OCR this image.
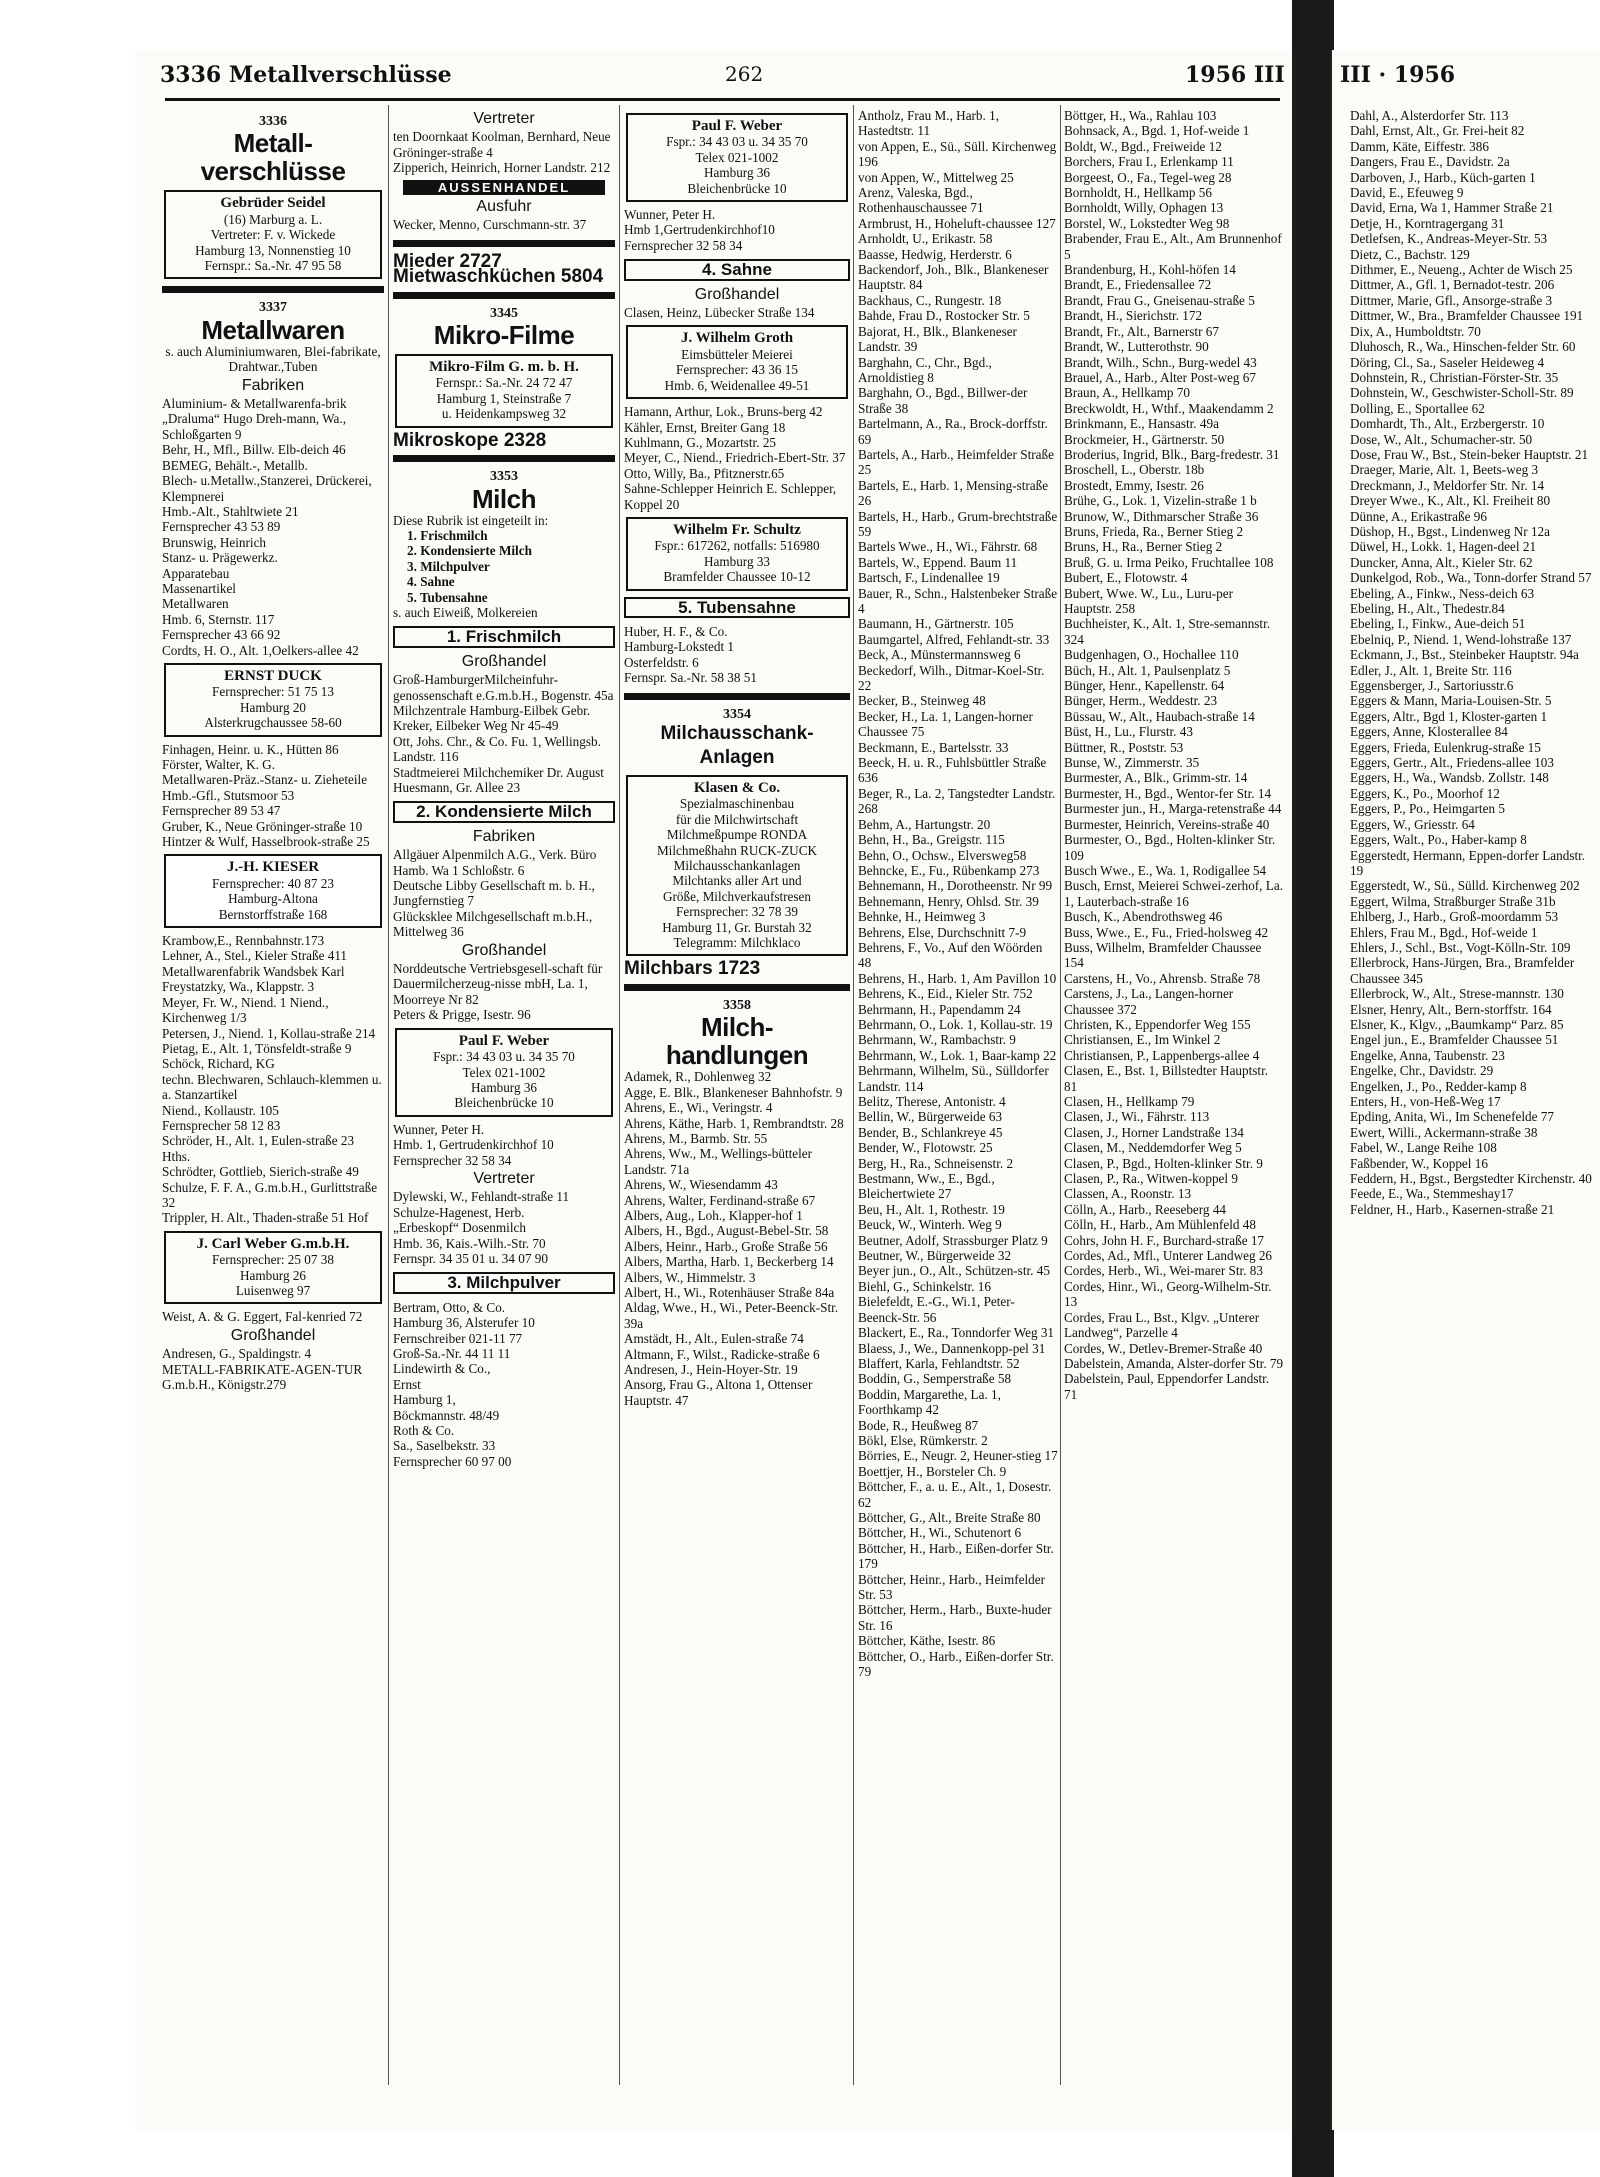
3336 Metallverschlüsse	262	1956 III	III · 1956
3336
Metall-
verschlüsse
Gebrüder Seidel
(16) Marburg a. L.
Vertreter: F. v. Wickede
Hamburg 13, Nonnenstieg 10
Fernspr.: Sa.-Nr. 47 95 58
3337
Metallwaren
s. auch Aluminiumwaren, Blei-fabrikate, Drahtwar.,Tuben
Fabriken
Aluminium- & Metallwarenfa-brik „Draluma“ Hugo Dreh-mann, Wa., Schloßgarten 9
Behr, H., Mfl., Billw. Elb-deich 46
BEMEG, Behält.-, Metallb.
Blech- u.Metallw.,Stanzerei, Drückerei, Klempnerei
Hmb.-Alt., Stahltwiete 21
Fernsprecher 43 53 89
Brunswig, Heinrich
Stanz- u. Prägewerkz.
Apparatebau
Massenartikel
Metallwaren
Hmb. 6, Sternstr. 117
Fernsprecher 43 66 92
Cordts, H. O., Alt. 1,Oelkers-allee 42
ERNST DUCK
Fernsprecher: 51 75 13
Hamburg 20
Alsterkrugchaussee 58-60
Finhagen, Heinr. u. K., Hütten 86
Förster, Walter, K. G.
Metallwaren-Präz.-Stanz- u. Zieheteile
Hmb.-Gfl., Stutsmoor 53
Fernsprecher 89 53 47
Gruber, K., Neue Gröninger-straße 10
Hintzer & Wulf, Hasselbrook-straße 25
J.-H. KIESER
Fernsprecher: 40 87 23
Hamburg-Altona
Bernstorffstraße 168
Krambow,E., Rennbahnstr.173
Lehner, A., Stel., Kieler Straße 411
Metallwarenfabrik Wandsbek Karl Freystatzky, Wa., Klappstr. 3
Meyer, Fr. W., Niend. 1 Niend., Kirchenweg 1/3
Petersen, J., Niend. 1, Kollau-straße 214
Pietag, E., Alt. 1, Tönsfeldt-straße 9
Schöck, Richard, KG
techn. Blechwaren, Schlauch-klemmen u. a. Stanzartikel
Niend., Kollaustr. 105
Fernsprecher 58 12 83
Schröder, H., Alt. 1, Eulen-straße 23 Hths.
Schrödter, Gottlieb, Sierich-straße 49
Schulze, F. F. A., G.m.b.H., Gurlittstraße 32
Trippler, H. Alt., Thaden-straße 51 Hof
J. Carl Weber G.m.b.H.
Fernsprecher: 25 07 38
Hamburg 26
Luisenweg 97
Weist, A. & G. Eggert, Fal-kenried 72
Großhandel
Andresen, G., Spaldingstr. 4
METALL-FABRIKATE-AGEN-TUR G.m.b.H., Königstr.279
Vertreter
ten Doornkaat Koolman, Bernhard, Neue Gröninger-straße 4
Zipperich, Heinrich, Horner Landstr. 212
AUSSENHANDEL
Ausfuhr
Wecker, Menno, Curschmann-str. 37
Mieder 2727
Mietwaschküchen 5804
3345
Mikro-Filme
Mikro-Film G. m. b. H.
Fernspr.: Sa.-Nr. 24 72 47
Hamburg 1, Steinstraße 7
u. Heidenkampsweg 32
Mikroskope 2328
3353
Milch
Diese Rubrik ist eingeteilt in:
1. Frischmilch
2. Kondensierte Milch
3. Milchpulver
4. Sahne
5. Tubensahne
s. auch Eiweiß, Molkereien
1. Frischmilch
Großhandel
Groß-HamburgerMilcheinfuhr-genossenschaft e.G.m.b.H., Bogenstr. 45a
Milchzentrale Hamburg-Eilbek Gebr. Kreker, Eilbeker Weg Nr 45-49
Ott, Johs. Chr., & Co. Fu. 1, Wellingsb. Landstr. 116
Stadtmeierei Milchchemiker Dr. August Huesmann, Gr. Allee 23
2. Kondensierte Milch
Fabriken
Allgäuer Alpenmilch A.G., Verk. Büro Hamb. Wa 1 Schloßstr. 6
Deutsche Libby Gesellschaft m. b. H., Jungfernstieg 7
Glücksklee Milchgesellschaft m.b.H., Mittelweg 36
Großhandel
Norddeutsche Vertriebsgesell-schaft für Dauermilcherzeug-nisse mbH, La. 1, Moorreye Nr 82
Peters & Prigge, Isestr. 96
Paul F. Weber
Fspr.: 34 43 03 u. 34 35 70
Telex 021-1002
Hamburg 36
Bleichenbrücke 10
Wunner, Peter H.
Hmb. 1, Gertrudenkirchhof 10
Fernsprecher 32 58 34
Vertreter
Dylewski, W., Fehlandt-straße 11
Schulze-Hagenest, Herb.
„Erbeskopf“ Dosenmilch
Hmb. 36, Kais.-Wilh.-Str. 70
Fernspr. 34 35 01 u. 34 07 90
3. Milchpulver
Bertram, Otto, & Co.
Hamburg 36, Alsterufer 10
Fernschreiber 021-11 77
Groß-Sa.-Nr. 44 11 11
Lindewirth & Co.,
Ernst
Hamburg 1,
Böckmannstr. 48/49
Roth & Co.
Sa., Saselbekstr. 33
Fernsprecher 60 97 00
Paul F. Weber
Fspr.: 34 43 03 u. 34 35 70
Telex 021-1002
Hamburg 36
Bleichenbrücke 10
Wunner, Peter H.
Hmb 1,Gertrudenkirchhof10
Fernsprecher 32 58 34
4. Sahne
Großhandel
Clasen, Heinz, Lübecker Straße 134
J. Wilhelm Groth
Eimsbütteler Meierei
Fernsprecher: 43 36 15
Hmb. 6, Weidenallee 49-51
Hamann, Arthur, Lok., Bruns-berg 42
Kähler, Ernst, Breiter Gang 18
Kuhlmann, G., Mozartstr. 25
Meyer, C., Niend., Friedrich-Ebert-Str. 37
Otto, Willy, Ba., Pfitznerstr.65
Sahne-Schlepper Heinrich E. Schlepper, Koppel 20
Wilhelm Fr. Schultz
Fspr.: 617262, notfalls: 516980
Hamburg 33
Bramfelder Chaussee 10-12
5. Tubensahne
Huber, H. F., & Co.
Hamburg-Lokstedt 1
Osterfeldstr. 6
Fernspr. Sa.-Nr. 58 38 51
3354
Milchausschank-
Anlagen
Klasen & Co.
Spezialmaschinenbau
für die Milchwirtschaft
Milchmeßpumpe RONDA
Milchmeßhahn RUCK-ZUCK
Milchausschankanlagen
Milchtanks aller Art und
Größe, Milchverkaufstresen
Fernsprecher: 32 78 39
Hamburg 11, Gr. Burstah 32
Telegramm: Milchklaco
Milchbars 1723
3358
Milch-
handlungen
Adamek, R., Dohlenweg 32
Agge, E. Blk., Blankeneser Bahnhofstr. 9
Ahrens, E., Wi., Veringstr. 4
Ahrens, Käthe, Harb. 1, Rembrandtstr. 28
Ahrens, M., Barmb. Str. 55
Ahrens, Ww., M., Wellings-bütteler Landstr. 71a
Ahrens, W., Wiesendamm 43
Ahrens, Walter, Ferdinand-straße 67
Albers, Aug., Loh., Klapper-hof 1
Albers, H., Bgd., August-Bebel-Str. 58
Albers, Heinr., Harb., Große Straße 56
Albers, Martha, Harb. 1, Beckerberg 14
Albers, W., Himmelstr. 3
Albert, H., Wi., Rotenhäuser Straße 84a
Aldag, Wwe., H., Wi., Peter-Beenck-Str. 39a
Amstädt, H., Alt., Eulen-straße 74
Altmann, F., Wilst., Radicke-straße 6
Andresen, J., Hein-Hoyer-Str. 19
Ansorg, Frau G., Altona 1, Ottenser Hauptstr. 47
Antholz, Frau M., Harb. 1, Hastedtstr. 11
von Appen, E., Sü., Süll. Kirchenweg 196
von Appen, W., Mittelweg 25
Arenz, Valeska, Bgd., Rothenhauschaussee 71
Armbrust, H., Hoheluft-chaussee 127
Arnholdt, U., Erikastr. 58
Baasse, Hedwig, Herderstr. 6
Backendorf, Joh., Blk., Blankeneser Hauptstr. 84
Backhaus, C., Rungestr. 18
Bahde, Frau D., Rostocker Str. 5
Bajorat, H., Blk., Blankeneser Landstr. 39
Barghahn, C., Chr., Bgd., Arnoldistieg 8
Barghahn, O., Bgd., Billwer-der Straße 38
Bartelmann, A., Ra., Brock-dorffstr. 69
Bartels, A., Harb., Heimfelder Straße 25
Bartels, E., Harb. 1, Mensing-straße 26
Bartels, H., Harb., Grum-brechtstraße 59
Bartels Wwe., H., Wi., Fährstr. 68
Bartels, W., Eppend. Baum 11
Bartsch, F., Lindenallee 19
Bauer, R., Schn., Halstenbeker Straße 4
Baumann, H., Gärtnerstr. 105
Baumgartel, Alfred, Fehlandt-str. 33
Beck, A., Münstermannsweg 6
Beckedorf, Wilh., Ditmar-Koel-Str. 22
Becker, B., Steinweg 48
Becker, H., La. 1, Langen-horner Chaussee 75
Beckmann, E., Bartelsstr. 33
Beeck, H. u. R., Fuhlsbüttler Straße 636
Beger, R., La. 2, Tangstedter Landstr. 268
Behm, A., Hartungstr. 20
Behn, H., Ba., Greigstr. 115
Behn, O., Ochsw., Elversweg58
Behncke, E., Fu., Rübenkamp 273
Behnemann, H., Dorotheenstr. Nr 99
Behnemann, Henry, Ohlsd. Str. 39
Behnke, H., Heimweg 3
Behrens, Else, Durchschnitt 7-9
Behrens, F., Vo., Auf den Wöörden 48
Behrens, H., Harb. 1, Am Pavillon 10
Behrens, K., Eid., Kieler Str. 752
Behrmann, H., Papendamm 24
Behrmann, O., Lok. 1, Kollau-str. 19
Behrmann, W., Rambachstr. 9
Behrmann, W., Lok. 1, Baar-kamp 22
Behrmann, Wilhelm, Sü., Sülldorfer Landstr. 114
Belitz, Therese, Antonistr. 4
Bellin, W., Bürgerweide 63
Bender, B., Schlankreye 45
Bender, W., Flotowstr. 25
Berg, H., Ra., Schneisenstr. 2
Bestmann, Ww., E., Bgd., Bleichertwiete 27
Beu, H., Alt. 1, Rothestr. 19
Beuck, W., Winterh. Weg 9
Beutner, Adolf, Strassburger Platz 9
Beutner, W., Bürgerweide 32
Beyer jun., O., Alt., Schützen-str. 45
Biehl, G., Schinkelstr. 16
Bielefeldt, E.-G., Wi.1, Peter-Beenck-Str. 56
Blackert, E., Ra., Tonndorfer Weg 31
Blaess, J., We., Dannenkopp-pel 31
Blaffert, Karla, Fehlandtstr. 52
Boddin, G., Semperstraße 58
Boddin, Margarethe, La. 1, Foorthkamp 42
Bode, R., Heußweg 87
Bökl, Else, Rümkerstr. 2
Börries, E., Neugr. 2, Heuner-stieg 17
Boettjer, H., Borsteler Ch. 9
Böttcher, F., a. u. E., Alt., 1, Dosestr. 62
Böttcher, G., Alt., Breite Straße 80
Böttcher, H., Wi., Schutenort 6
Böttcher, H., Harb., Eißen-dorfer Str. 179
Böttcher, Heinr., Harb., Heimfelder Str. 53
Böttcher, Herm., Harb., Buxte-huder Str. 16
Böttcher, Käthe, Isestr. 86
Böttcher, O., Harb., Eißen-dorfer Str. 79
Böttger, H., Wa., Rahlau 103
Bohnsack, A., Bgd. 1, Hof-weide 1
Boldt, W., Bgd., Freiweide 12
Borchers, Frau I., Erlenkamp 11
Borgeest, O., Fa., Tegel-weg 28
Bornholdt, H., Hellkamp 56
Bornholdt, Willy, Ophagen 13
Borstel, W., Lokstedter Weg 98
Brabender, Frau E., Alt., Am Brunnenhof 5
Brandenburg, H., Kohl-höfen 14
Brandt, E., Friedensallee 72
Brandt, Frau G., Gneisenau-straße 5
Brandt, H., Sierichstr. 172
Brandt, Fr., Alt., Barnerstr 67
Brandt, W., Lutterothstr. 90
Brandt, Wilh., Schn., Burg-wedel 43
Brauel, A., Harb., Alter Post-weg 67
Braun, A., Hellkamp 70
Breckwoldt, H., Wthf., Maakendamm 2
Brinkmann, E., Hansastr. 49a
Brockmeier, H., Gärtnerstr. 50
Broderius, Ingrid, Blk., Barg-fredestr. 31
Broschell, L., Oberstr. 18b
Brostedt, Emmy, Isestr. 26
Brühe, G., Lok. 1, Vizelin-straße 1 b
Brunow, W., Dithmarscher Straße 36
Bruns, Frieda, Ra., Berner Stieg 2
Bruns, H., Ra., Berner Stieg 2
Bruß, G. u. Irma Peiko, Fruchtallee 108
Bubert, E., Flotowstr. 4
Bubert, Wwe. W., Lu., Luru-per Hauptstr. 258
Buchheister, K., Alt. 1, Stre-semannstr. 324
Budgenhagen, O., Hochallee 110
Büch, H., Alt. 1, Paulsenplatz 5
Bünger, Henr., Kapellenstr. 64
Bünger, Herm., Weddestr. 23
Büssau, W., Alt., Haubach-straße 14
Büst, H., Lu., Flurstr. 43
Büttner, R., Poststr. 53
Bunse, W., Zimmerstr. 35
Burmester, A., Blk., Grimm-str. 14
Burmester, H., Bgd., Wentor-fer Str. 14
Burmester jun., H., Marga-retenstraße 44
Burmester, Heinrich, Vereins-straße 40
Burmester, O., Bgd., Holten-klinker Str. 109
Busch Wwe., E., Wa. 1, Rodigallee 54
Busch, Ernst, Meierei Schwei-zerhof, La. 1, Lauterbach-straße 16
Busch, K., Abendrothsweg 46
Buss, Wwe., E., Fu., Fried-holsweg 42
Buss, Wilhelm, Bramfelder Chaussee 154
Carstens, H., Vo., Ahrensb. Straße 78
Carstens, J., La., Langen-horner Chaussee 372
Christen, K., Eppendorfer Weg 155
Christiansen, E., Im Winkel 2
Christiansen, P., Lappenbergs-allee 4
Clasen, E., Bst. 1, Billstedter Hauptstr. 81
Clasen, H., Hellkamp 79
Clasen, J., Wi., Fährstr. 113
Clasen, J., Horner Landstraße 134
Clasen, M., Neddemdorfer Weg 5
Clasen, P., Bgd., Holten-klinker Str. 9
Clasen, P., Ra., Witwen-koppel 9
Classen, A., Roonstr. 13
Cölln, A., Harb., Reeseberg 44
Cölln, H., Harb., Am Mühlenfeld 48
Cohrs, John H. F., Burchard-straße 17
Cordes, Ad., Mfl., Unterer Landweg 26
Cordes, Herb., Wi., Wei-marer Str. 83
Cordes, Hinr., Wi., Georg-Wilhelm-Str. 13
Cordes, Frau L., Bst., Klgv. „Unterer Landweg“, Parzelle 4
Cordes, W., Detlev-Bremer-Straße 40
Dabelstein, Amanda, Alster-dorfer Str. 79
Dabelstein, Paul, Eppendorfer Landstr. 71
Dahl, A., Alsterdorfer Str. 113
Dahl, Ernst, Alt., Gr. Frei-heit 82
Damm, Käte, Eiffestr. 386
Dangers, Frau E., Davidstr. 2a
Darboven, J., Harb., Küch-garten 1
David, E., Efeuweg 9
David, Erna, Wa 1, Hammer Straße 21
Detje, H., Korntragergang 31
Detlefsen, K., Andreas-Meyer-Str. 53
Dietz, C., Bachstr. 129
Dithmer, E., Neueng., Achter de Wisch 25
Dittmer, A., Gfl. 1, Bernadot-testr. 206
Dittmer, Marie, Gfl., Ansorge-straße 3
Dittmer, W., Bra., Bramfelder Chaussee 191
Dix, A., Humboldtstr. 70
Dluhosch, R., Wa., Hinschen-felder Str. 60
Döring, Cl., Sa., Saseler Heideweg 4
Dohnstein, R., Christian-Förster-Str. 35
Dohnstein, W., Geschwister-Scholl-Str. 89
Dolling, E., Sportallee 62
Domhardt, Th., Alt., Erzbergerstr. 10
Dose, W., Alt., Schumacher-str. 50
Dose, Frau W., Bst., Stein-beker Hauptstr. 21
Draeger, Marie, Alt. 1, Beets-weg 3
Dreckmann, J., Meldorfer Str. Nr. 14
Dreyer Wwe., K., Alt., Kl. Freiheit 80
Dünne, A., Erikastraße 96
Düshop, H., Bgst., Lindenweg Nr 12a
Düwel, H., Lokk. 1, Hagen-deel 21
Duncker, Anna, Alt., Kieler Str. 62
Dunkelgod, Rob., Wa., Tonn-dorfer Strand 57
Ebeling, A., Finkw., Ness-deich 63
Ebeling, H., Alt., Thedestr.84
Ebeling, I., Finkw., Aue-deich 51
Ebelniq, P., Niend. 1, Wend-lohstraße 137
Eckmann, J., Bst., Steinbeker Hauptstr. 94a
Edler, J., Alt. 1, Breite Str. 116
Eggensberger, J., Sartoriusstr.6
Eggers & Mann, Maria-Louisen-Str. 5
Eggers, Altr., Bgd 1, Kloster-garten 1
Eggers, Anne, Klosterallee 84
Eggers, Frieda, Eulenkrug-straße 15
Eggers, Gertr., Alt., Friedens-allee 103
Eggers, H., Wa., Wandsb. Zollstr. 148
Eggers, K., Po., Moorhof 12
Eggers, P., Po., Heimgarten 5
Eggers, W., Griesstr. 64
Eggers, Walt., Po., Haber-kamp 8
Eggerstedt, Hermann, Eppen-dorfer Landstr. 19
Eggerstedt, W., Sü., Sülld. Kirchenweg 202
Eggert, Wilma, Straßburger Straße 31b
Ehlberg, J., Harb., Groß-moordamm 53
Ehlers, Frau M., Bgd., Hof-weide 1
Ehlers, J., Schl., Bst., Vogt-Kölln-Str. 109
Ellerbrock, Hans-Jürgen, Bra., Bramfelder Chaussee 345
Ellerbrock, W., Alt., Strese-mannstr. 130
Elsner, Henry, Alt., Bern-storffstr. 164
Elsner, K., Klgv., „Baumkamp“ Parz. 85
Engel jun., E., Bramfelder Chaussee 51
Engelke, Anna, Taubenstr. 23
Engelke, Chr., Davidstr. 29
Engelken, J., Po., Redder-kamp 8
Enters, H., von-Heß-Weg 17
Epding, Anita, Wi., Im Schenefelde 77
Ewert, Willi., Ackermann-straße 38
Fabel, W., Lange Reihe 108
Faßbender, W., Koppel 16
Feddern, H., Bgst., Bergstedter Kirchenstr. 40
Feede, E., Wa., Stemmeshay17
Feldner, H., Harb., Kasernen-straße 21
